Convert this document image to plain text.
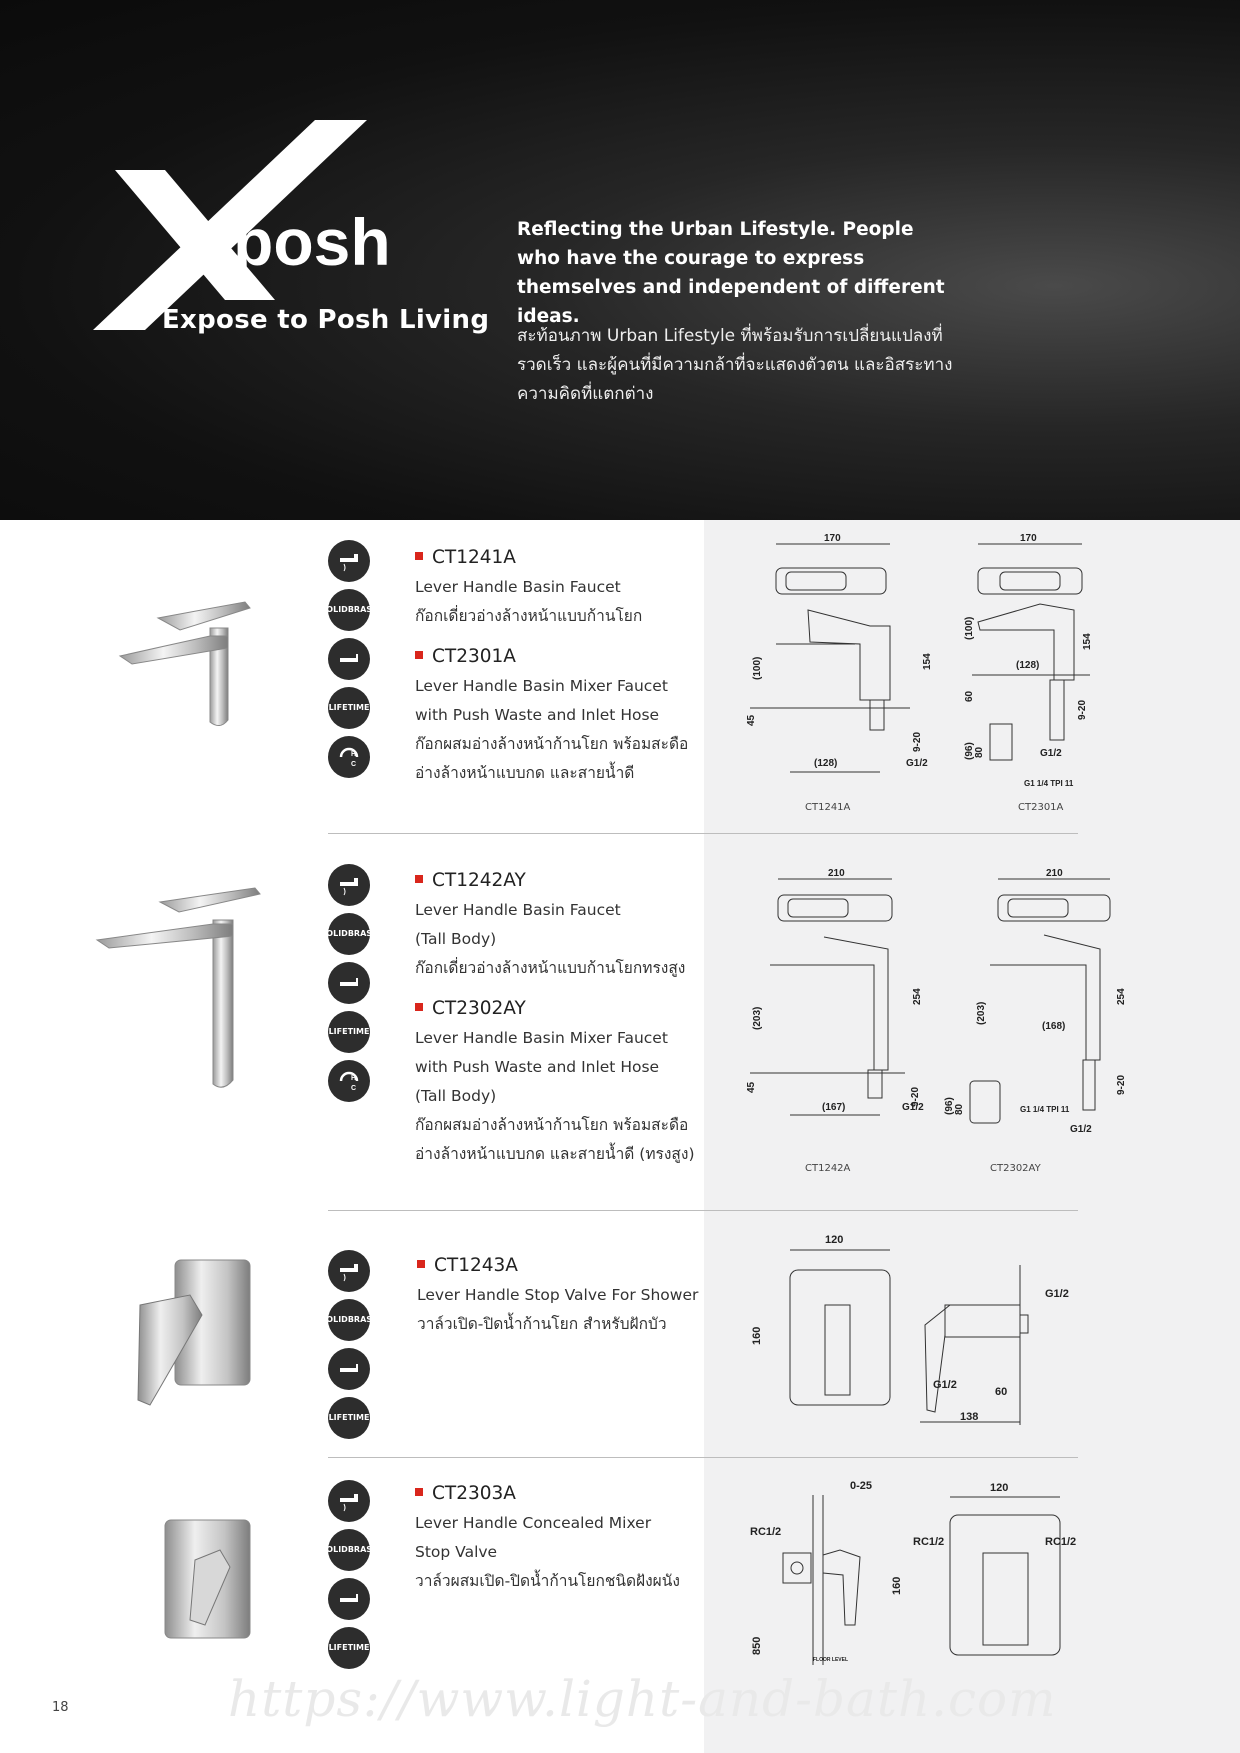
posh
Expose to Posh Living
Reflecting the Urban Lifestyle. People who have the courage to express themselves and independent of different ideas.
สะท้อนภาพ Urban Lifestyle ที่พร้อมรับการเปลี่ยนแปลงที่รวดเร็ว และผู้คนที่มีความกล้าที่จะแสดงตัวตน และอิสระทางความคิดที่แตกต่าง
SOLID BRASS
LIFE TIME
H
C
CT1241A
Lever Handle Basin Faucet
ก๊อกเดี่ยวอ่างล้างหน้าแบบก้านโยก
CT2301A
Lever Handle Basin Mixer Faucet
with Push Waste and Inlet Hose
ก๊อกผสมอ่างล้างหน้าก้านโยก พร้อมสะดือ
อ่างล้างหน้าแบบกด และสายน้ำดี
170
154
(100)
45
(128)
9-20
G1/2
170
(100)
154
(128)
60
9-20
(96) 80	G1/2
G1 1/4 TPI 11
CT1241A	CT2301A
SOLID BRASS
LIFE TIME
H
C
CT1242AY
Lever Handle Basin Faucet
(Tall Body)
ก๊อกเดี่ยวอ่างล้างหน้าแบบก้านโยกทรงสูง
CT2302AY
Lever Handle Basin Mixer Faucet
with Push Waste and Inlet Hose
(Tall Body)
ก๊อกผสมอ่างล้างหน้าก้านโยก พร้อมสะดือ
อ่างล้างหน้าแบบกด และสายน้ำดี (ทรงสูง)
210
254
(203)
45
(167)
9-20
G1/2
210
(203)
254
(168)
9-20
(96) 80	G1 1/4 TPI 11
G1/2
CT1242A	CT2302AY
SOLID BRASS
LIFE TIME
CT1243A
Lever Handle Stop Valve For Shower
วาล์วเปิด-ปิดน้ำก้านโยก สำหรับฝักบัว
120
160
G1/2
G1/2
60
138
SOLID BRASS
LIFE TIME
CT2303A
Lever Handle Concealed Mixer
Stop Valve
วาล์วผสมเปิด-ปิดน้ำก้านโยกชนิดฝังผนัง
0-25
RC1/2
850
FLOOR LEVEL
120
RC1/2	RC1/2
160
18	https://www.light-and-bath.com
